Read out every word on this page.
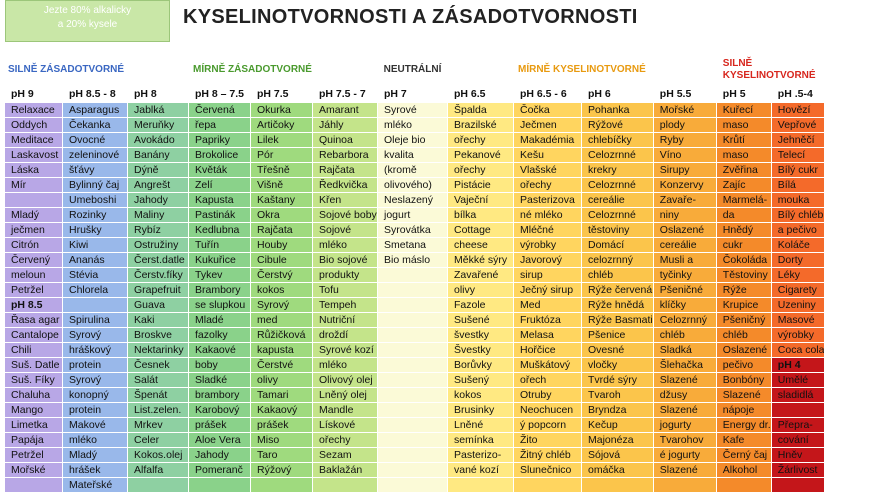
Jezte 80% alkalicky
a 20% kysele	KYSELINOTVORNOSTI A ZÁSADOTVORNOSTI
SILNĚ ZÁSADOTVORNÉ		MÍRNĚ ZÁSADOTVORNÉ				NEUTRÁLNÍ	MÍRNĚ KYSELINOTVORNÉ				SILNĚ KYSELINOTVORNÉ	
pH 9	pH 8.5 - 8	pH 8	pH 8 – 7.5	pH 7.5	pH 7.5 - 7	pH 7	pH 6.5	pH 6.5 - 6	pH 6	pH 5.5	pH 5	pH .5-4
Relaxace	Asparagus	Jablká	Červená	Okurka	Amarant	Syrové	Špalda	Čočka	Pohanka	Mořské	Kuřecí	Hovězí
Oddych	Čekanka	Meruňky	řepa	Artičoky	Jáhly	mléko	Brazilské	Ječmen	Rýžové	plody	maso	Vepřové
Meditace	Ovocné	Avokádo	Papriky	Lilek	Quinoa	Oleje bio	ořechy	Makadémia	chlebíčky	Ryby	Krůtí	Jehněčí
Laskavost	zeleninové	Banány	Brokolice	Pór	Rebarbora	kvalita	Pekanové	Kešu	Celozrnné	Víno	maso	Telecí
Láska	šťávy	Dýně	Květák	Třešně	Rajčata	(kromě	ořechy	Vlašské	krekry	Sirupy	Zvěřina	Bílý cukr
Mír	Bylinný čaj	Angrešt	Zelí	Višně	Ředkvička	olivového)	Pistácie	ořechy	Celozrnné	Konzervy	Zajíc	Bílá
	Umeboshi	Jahody	Kapusta	Kaštany	Křen	Neslazený	Vaječní	Pasterizova	cereálie	Zavaře-	Marmelá-	mouka
Mladý	Rozinky	Maliny	Pastinák	Okra	Sojové boby	jogurt	bílka	né mléko	Celozrnné	niny	da	Bílý chléb
ječmen	Hrušky	Rybíz	Kedlubna	Rajčata	Sojové	Syrovátka	Cottage	Mléčné	těstoviny	Oslazené	Hnědý	a pečivo
Citrón	Kiwi	Ostružiny	Tuřín	Houby	mléko	Smetana	cheese	výrobky	Domácí	cereálie	cukr	Koláče
Červený	Ananás	Čerst.datle	Kukuřice	Cibule	Bio sojové	Bio máslo	Měkké sýry	Javorový	celozrnný	Musli a	Čokoláda	Dorty
meloun	Stévia	Čerstv.fíky	Tykev	Čerstvý	produkty		Zavařené	sirup	chléb	tyčinky	Těstoviny	Léky
Petržel	Chlorela	Grapefruit	Brambory	kokos	Tofu		olivy	Ječný sirup	Rýže červená	Pšeničné	Rýže	Cigarety
pH 8.5		Guava	se slupkou	Syrový	Tempeh		Fazole	Med	Rýže hnědá	klíčky	Krupice	Uzeniny
Řasa agar	Spirulina	Kaki	Mladé	med	Nutriční		Sušené	Fruktóza	Rýže Basmati	Celozrnný	Pšeničný	Masové
Cantalope	Syrový	Broskve	fazolky	Růžičková	droždí		švestky	Melasa	Pšenice	chléb	chléb	výrobky
Chili	hráškový	Nektarinky	Kakaové	kapusta	Syrové kozí		Švestky	Hořčice	Ovesné	Sladká	Oslazené	Coca cola
Suš. Datle	protein	Česnek	boby	Čerstvé	mléko		Borůvky	Muškátový	vločky	Šlehačka	pečivo	pH 4
Suš. Fíky	Syrový	Salát	Sladké	olivy	Olivový olej		Sušený	ořech	Tvrdé sýry	Slazené	Bonbóny	Umělé
Chaluha	konopný	Špenát	brambory	Tamari	Lněný olej		kokos	Otruby	Tvaroh	džusy	Slazené	sladidlá
Mango	protein	List.zelen.	Karobový	Kakaový	Mandle		Brusinky	Neochucen	Bryndza	Slazené	nápoje	
Limetka	Makové	Mrkev	prášek	prášek	Lískové		Lněné	ý popcorn	Kečup	jogurty	Energy dr.	Přepra-
Papája	mléko	Celer	Aloe Vera	Miso	ořechy		semínka	Žito	Majonéza	Tvarohov	Kafe	cování
Petržel	Mladý	Kokos.olej	Jahody	Taro	Sezam		Pasterizo-	Žitný chléb	Sójová	é jogurty	Černý čaj	Hněv
Mořské	hrášek	Alfalfa	Pomeranč	Rýžový	Baklažán		vané kozí	Slunečnico	omáčka	Slazené	Alkohol	Žárlivost
	Mateřské											
